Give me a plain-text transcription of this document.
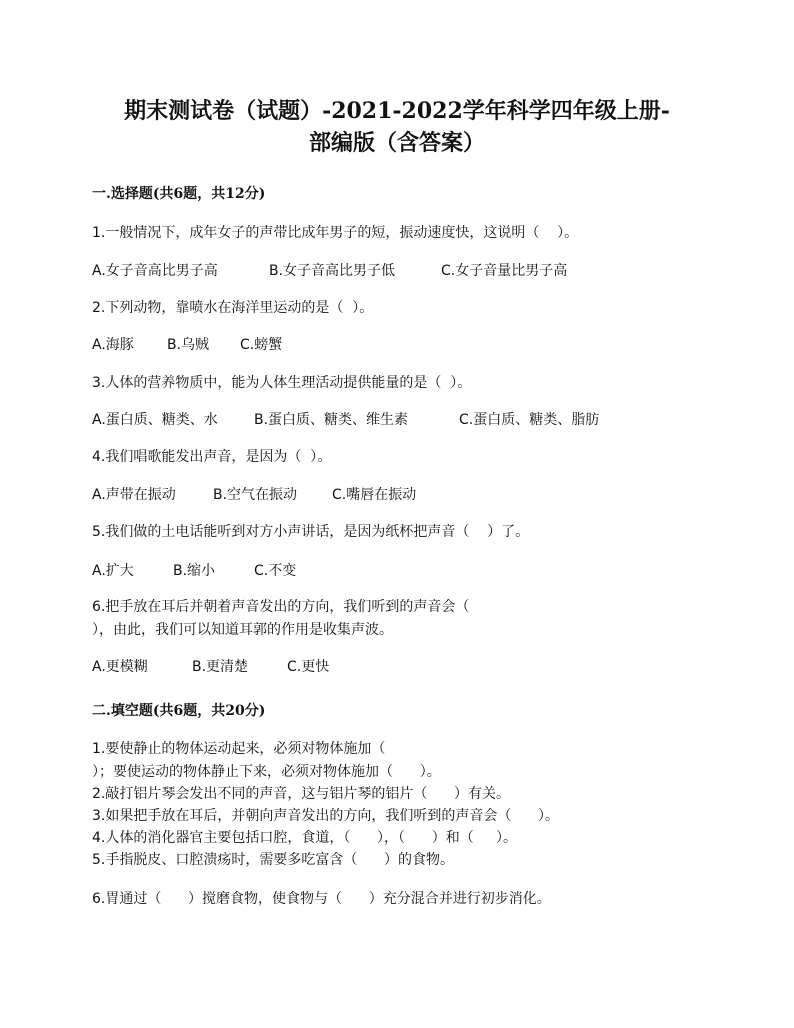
期末测试卷（试题）-2021-2022学年科学四年级上册-
部编版（含答案）
一.选择题(共6题，共12分)
1.一般情况下，成年女子的声带比成年男子的短，振动速度快，这说明（    ）。
A.女子音高比男子高	B.女子音高比男子低	C.女子音量比男子高
2.下列动物，靠喷水在海洋里运动的是（  ）。
A.海豚	B.乌贼	C.螃蟹
3.人体的营养物质中，能为人体生理活动提供能量的是（  ）。
A.蛋白质、糖类、水	B.蛋白质、糖类、维生素	C.蛋白质、糖类、脂肪
4.我们唱歌能发出声音，是因为（  ）。
A.声带在振动	B.空气在振动	C.嘴唇在振动
5.我们做的土电话能听到对方小声讲话，是因为纸杯把声音（    ）了。
A.扩大	B.缩小	C.不变
6.把手放在耳后并朝着声音发出的方向，我们听到的声音会（
），由此，我们可以知道耳郭的作用是收集声波。
A.更模糊	B.更清楚	C.更快
二.填空题(共6题，共20分)
1.要使静止的物体运动起来，必须对物体施加（
）；要使运动的物体静止下来，必须对物体施加（      ）。
2.敲打铝片琴会发出不同的声音，这与铝片琴的铝片（      ）有关。
3.如果把手放在耳后，并朝向声音发出的方向，我们听到的声音会（      ）。
4.人体的消化器官主要包括口腔，食道，（      ），（      ）和（     ）。
5.手指脱皮、口腔溃疡时，需要多吃富含（      ）的食物。
6.胃通过（      ）搅磨食物，使食物与（      ）充分混合并进行初步消化。
